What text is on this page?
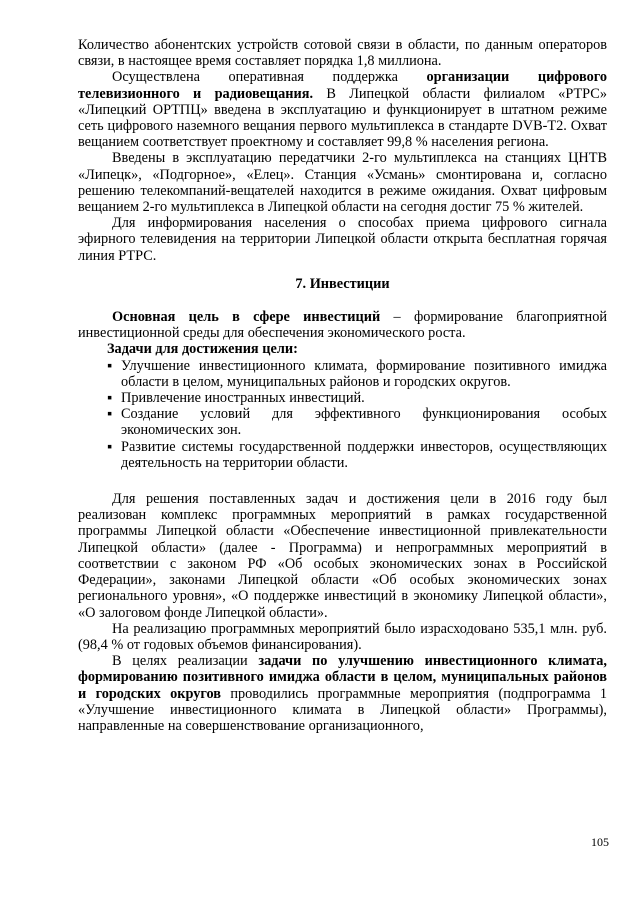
Количество абонентских устройств сотовой связи в области, по данным операторов связи, в настоящее время составляет порядка 1,8 миллиона.

Осуществлена оперативная поддержка организации цифрового телевизионного и радиовещания. В Липецкой области филиалом «РТРС» «Липецкий ОРТПЦ» введена в эксплуатацию и функционирует в штатном режиме сеть цифрового наземного вещания первого мультиплекса в стандарте DVB-T2. Охват вещанием соответствует проектному и составляет 99,8 % населения региона.

Введены в эксплуатацию передатчики 2-го мультиплекса на станциях ЦНТВ «Липецк», «Подгорное», «Елец». Станция «Усмань» смонтирована и, согласно решению телекомпаний-вещателей находится в режиме ожидания. Охват цифровым вещанием 2-го мультиплекса в Липецкой области на сегодня достиг 75 % жителей.

Для информирования населения о способах приема цифрового сигнала эфирного телевидения на территории Липецкой области открыта бесплатная горячая линия РТРС.

7. Инвестиции

Основная цель в сфере инвестиций – формирование благоприятной инвестиционной среды для обеспечения экономического роста.

Задачи для достижения цели:

▪ Улучшение инвестиционного климата, формирование позитивного имиджа области в целом, муниципальных районов и городских округов.
▪ Привлечение иностранных инвестиций.
▪ Создание условий для эффективного функционирования особых экономических зон.
▪ Развитие системы государственной поддержки инвесторов, осуществляющих деятельность на территории области.

Для решения поставленных задач и достижения цели в 2016 году был реализован комплекс программных мероприятий в рамках государственной программы Липецкой области «Обеспечение инвестиционной привлекательности Липецкой области» (далее - Программа) и непрограммных мероприятий в соответствии с законом РФ «Об особых экономических зонах в Российской Федерации», законами Липецкой области «Об особых экономических зонах регионального уровня», «О поддержке инвестиций в экономику Липецкой области», «О залоговом фонде Липецкой области».

На реализацию программных мероприятий было израсходовано 535,1 млн. руб. (98,4 % от годовых объемов финансирования).

В целях реализации задачи по улучшению инвестиционного климата, формированию позитивного имиджа области в целом, муниципальных районов и городских округов проводились программные мероприятия (подпрограмма 1 «Улучшение инвестиционного климата в Липецкой области» Программы), направленные на совершенствование организационного,

105
